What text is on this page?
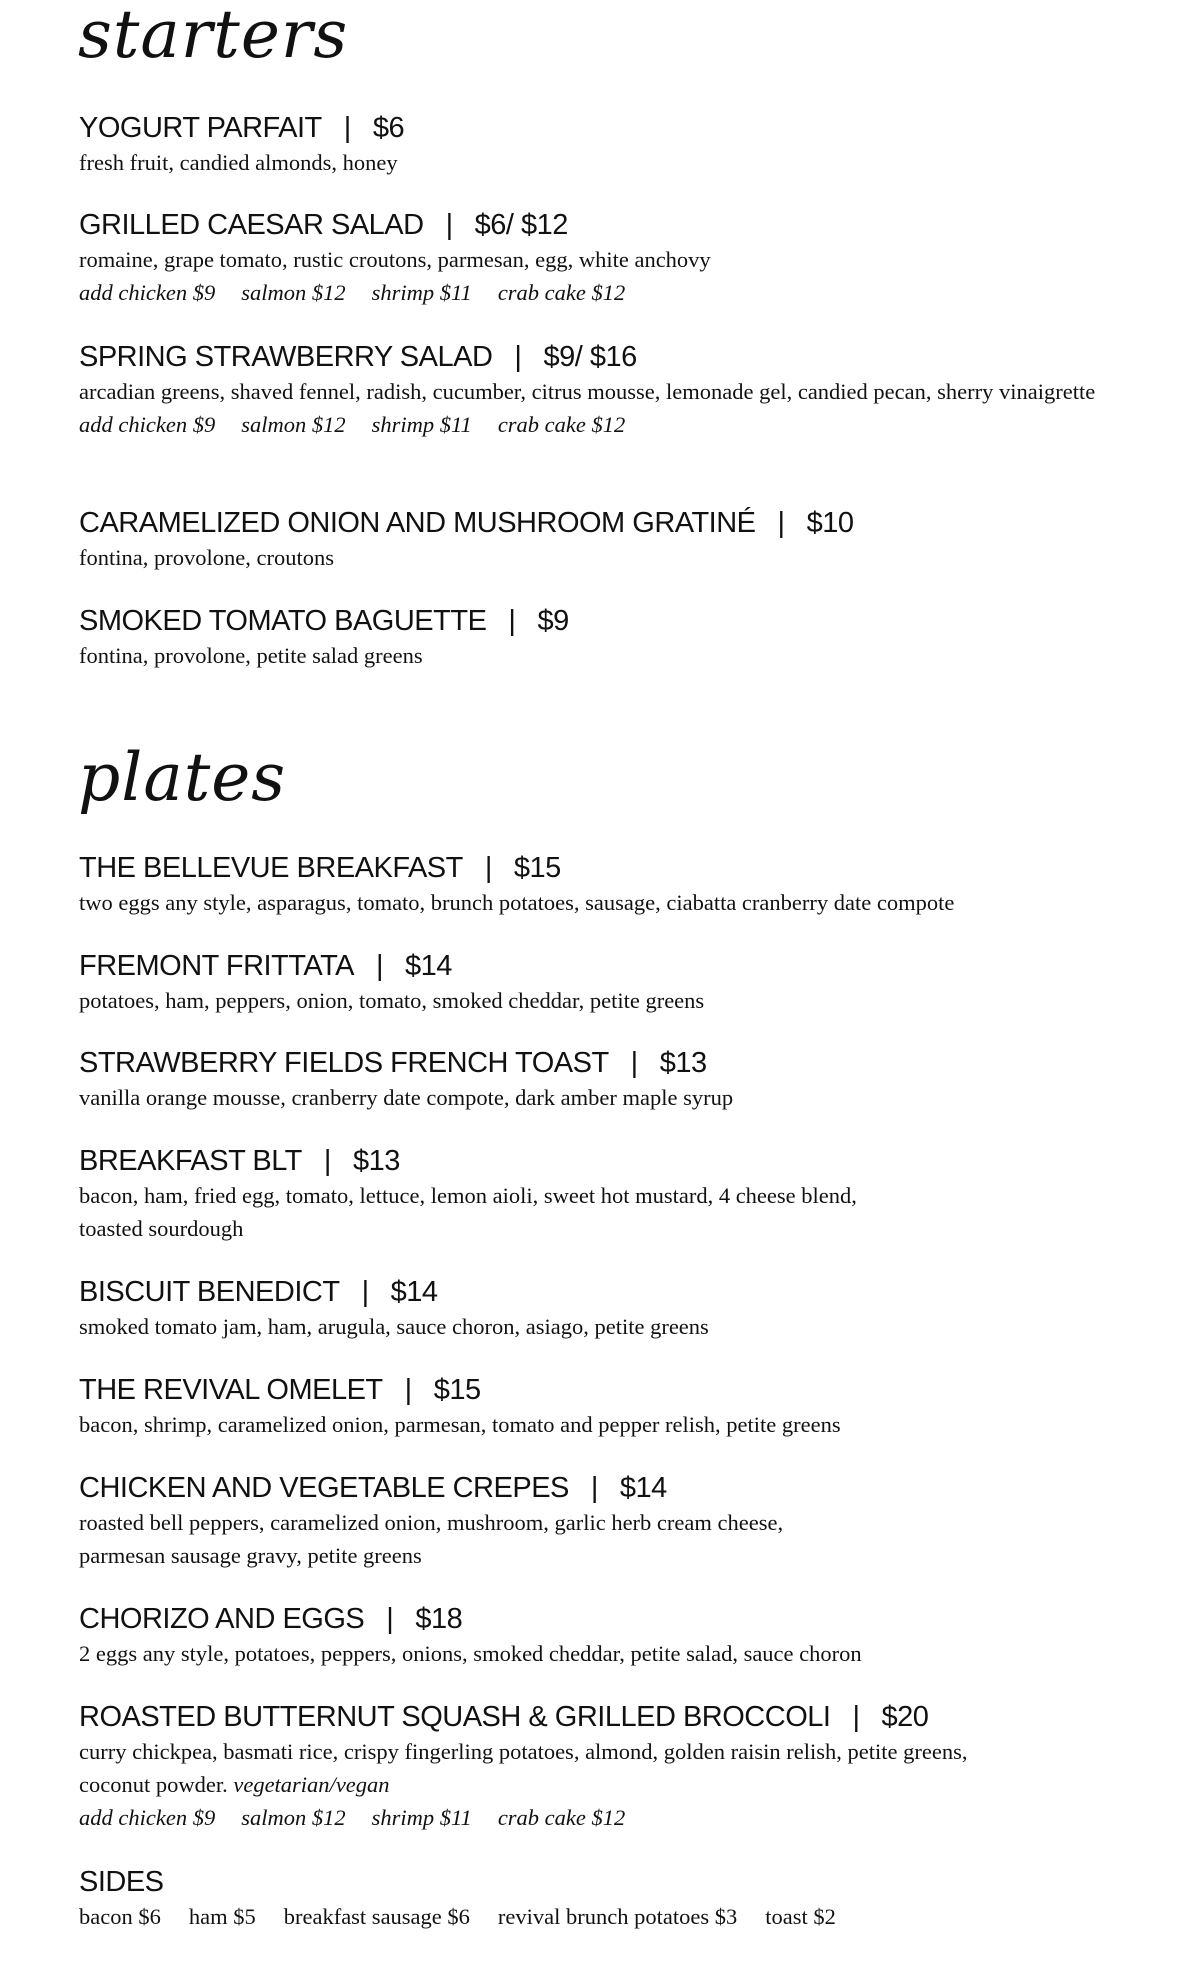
starters
YOGURT PARFAIT | $6
fresh fruit, candied almonds, honey
GRILLED CAESAR SALAD | $6/ $12
romaine, grape tomato, rustic croutons, parmesan, egg, white anchovy
add chicken $9 salmon $12 shrimp $11 crab cake $12
SPRING STRAWBERRY SALAD | $9/ $16
arcadian greens, shaved fennel, radish, cucumber, citrus mousse, lemonade gel, candied pecan, sherry vinaigrette
add chicken $9 salmon $12 shrimp $11 crab cake $12
CARAMELIZED ONION AND MUSHROOM GRATINÉ | $10
fontina, provolone, croutons
SMOKED TOMATO BAGUETTE | $9
fontina, provolone, petite salad greens
plates
THE BELLEVUE BREAKFAST | $15
two eggs any style, asparagus, tomato, brunch potatoes, sausage, ciabatta cranberry date compote
FREMONT FRITTATA | $14
potatoes, ham, peppers, onion, tomato, smoked cheddar, petite greens
STRAWBERRY FIELDS FRENCH TOAST | $13
vanilla orange mousse, cranberry date compote, dark amber maple syrup
BREAKFAST BLT | $13
bacon, ham, fried egg, tomato, lettuce, lemon aioli, sweet hot mustard, 4 cheese blend,
toasted sourdough
BISCUIT BENEDICT | $14
smoked tomato jam, ham, arugula, sauce choron, asiago, petite greens
THE REVIVAL OMELET | $15
bacon, shrimp, caramelized onion, parmesan, tomato and pepper relish, petite greens
CHICKEN AND VEGETABLE CREPES | $14
roasted bell peppers, caramelized onion, mushroom, garlic herb cream cheese,
parmesan sausage gravy, petite greens
CHORIZO AND EGGS | $18
2 eggs any style, potatoes, peppers, onions, smoked cheddar, petite salad, sauce choron
ROASTED BUTTERNUT SQUASH & GRILLED BROCCOLI | $20
curry chickpea, basmati rice, crispy fingerling potatoes, almond, golden raisin relish, petite greens,
coconut powder. vegetarian/vegan
add chicken $9 salmon $12 shrimp $11 crab cake $12
SIDES
bacon $6 ham $5 breakfast sausage $6 revival brunch potatoes $3 toast $2
